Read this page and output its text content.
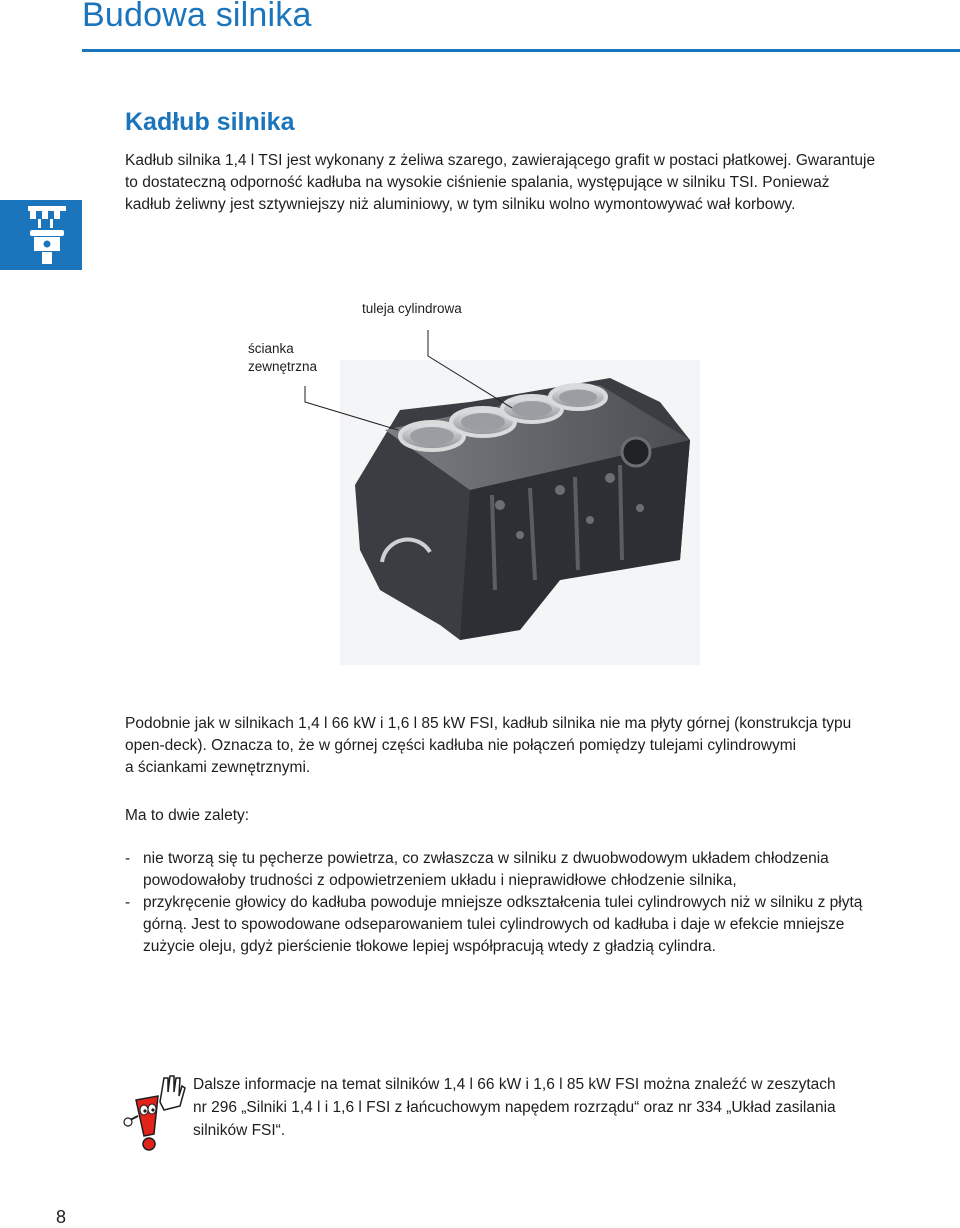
Budowa silnika
Kadłub silnika
Kadłub silnika 1,4 l TSI jest wykonany z żeliwa szarego, zawierającego grafit w postaci płatkowej. Gwarantuje
to dostateczną odporność kadłuba na wysokie ciśnienie spalania, występujące w silniku TSI. Ponieważ
kadłub żeliwny jest sztywniejszy niż aluminiowy, w tym silniku wolno wymontowywać wał korbowy.
tuleja cylindrowa
ścianka
zewnętrzna
Podobnie jak w silnikach 1,4 l 66 kW i 1,6 l 85 kW FSI, kadłub silnika nie ma płyty górnej (konstrukcja typu
open-deck). Oznacza to, że w górnej części kadłuba nie połączeń pomiędzy tulejami cylindrowymi
a ściankami zewnętrznymi.
Ma to dwie zalety:
- nie tworzą się tu pęcherze powietrza, co zwłaszcza w silniku z dwuobwodowym układem chłodzenia
powodowałoby trudności z odpowietrzeniem układu i nieprawidłowe chłodzenie silnika,
- przykręcenie głowicy do kadłuba powoduje mniejsze odkształcenia tulei cylindrowych niż w silniku z płytą
górną. Jest to spowodowane odseparowaniem tulei cylindrowych od kadłuba i daje w efekcie mniejsze
zużycie oleju, gdyż pierścienie tłokowe lepiej współpracują wtedy z gładzią cylindra.
Dalsze informacje na temat silników 1,4 l 66 kW i 1,6 l 85 kW FSI można znaleźć w zeszytach
nr 296 „Silniki 1,4 l i 1,6 l FSI z łańcuchowym napędem rozrządu“ oraz nr 334 „Układ zasilania
silników FSI“.
8
